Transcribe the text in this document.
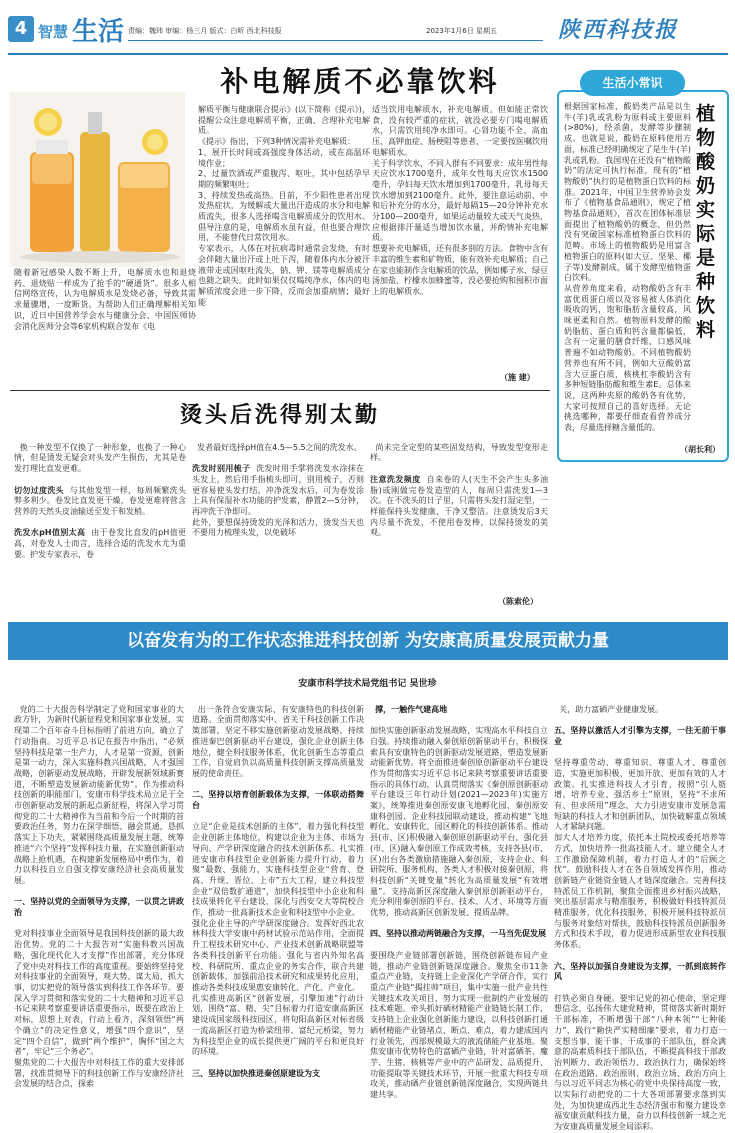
4 智慧 生活 责编：魏玮 审编：杨三月 版式：白昕 西北科技报	2023年1月6日 星期五	陕西科技报
补电解质不必靠饮料
随着新冠感染人数不断上升，电解质水也和退烧药、退烧贴一样成为了抢手的“硬通货”。很多人相信网络宣传，认为电解质水是发烧必备，导致其需求量骤增，一度断货。为帮助人们正确理解相关知识，近日中国营养学会水与健康分会、中国医师协会消化医师分会等6家机构联合发布《电
解质平衡与健康联合提示》(以下简称《提示》)，提醒公众注意电解质平衡，正确、合理补充电解质。
《提示》指出，下列3种情况需补充电解质：
1、展开长时间或高强度身体活动，或在高温环境作业；
2、过量饮酒或严重腹泻、呕吐，其中包括孕早期的频繁呕吐；
3、持续发热或高热。目前，不少阳性患者出现发热症状，为缓解或大量出汗造成的水分和电解质流失，很多人选择喝含电解质成分的饮用水。倡导注意的是，电解质水虽有益，但也要合理饮用，不能替代日常饮用水。
专家表示，人体在对抗病毒时通常会发烧，有时会伴随大量出汗或上吐下泻，随着体内水分被汗液带走或因呕吐流失，钠、钾、镁等电解质成分也随之缺失。此时如果仅仅喝纯净水，体内的电解质浓度会进一步下降，反而会加重病情；最好能
适当饮用电解质水，补充电解质。但如能正常饮食，没有较严重的症状，就没必要专门喝电解质水，只需饮用纯净水即可。心肾功能不全、高血压、高钾血症、肠梗阻等患者，一定要按医嘱饮用电解质水。
关于科学饮水，不同人群有不同要求：成年男性每天应饮水1700毫升，成年女性每天应饮水1500毫升，孕妇每天饮水增加到1700毫升，乳母每天饮水增加到2100毫升。此外，要注意运动前、中和后补充分的水分，最好每隔15—20分钟补充水分100—200毫升，如果运动量较大或天气炎热，应根据排汗量适当增加饮水量，并酌情补充电解质。
想要补充电解质，还有很多别的方法。食物中含有丰富的维生素和矿物质，能有效补充电解质；自己在家也能制作含电解质的饮品，例如椰子水、绿豆汤加盐、柠檬水加蜂蜜等，没必要抢购和囤积市面上的电解质水。
（施 建）
生活小常识
植物酸奶实际是种饮料
根据国家标准，酸奶类产品是以生牛(羊)乳或乳粉为原料或主要原料(>80%)，经杀菌，发酵等步骤制成。也就是说，酸奶在原料使用方面，标准已经明确规定了是生牛(羊)乳或乳粉。我国现在还没有“植物酸奶”的法定可执行标准，现有的“植物酸奶”执行的是植物蛋白饮料的标准。2021年，中国卫生营养协会发布了《植物基食品通则》，规定了植物基食品通则》，首次在团体标准层面提出了植物酸奶的概念，但仍然没有突破国家标准植物蛋白饮料的范畴。市场上的植物酸奶是用富含植物蛋白的原料(如大豆、坚果、椰子等)发酵制成，属于发酵型植物蛋白饮料。
从营养角度来看，动物酸奶含有丰富优质蛋白质以及容易被人体消化吸收的钙，饱和脂肪含量较高，风味更柔和自然。植物原料发酵的酸奶脂肪、蛋白质和钙含量都偏低，含有一定量的膳食纤维，口感风味普遍不如动物酸奶。不同植物酸奶营养也有所不同，例如大豆酸奶富含大豆蛋白质，核桃杠李酸奶含有多种短链脂肪酸和维生素E。总体来说，这两种夹原的酸奶各有优势，大家可按照自己的喜好选择。无论挑选哪种，都要仔细查看营养成分表，尽量选择糖含量低的。
（胡长利）
烫头后洗得别太勤

换一种发型不仅换了一种形象，也换了一种心情，但是烫发无疑会对头发产生损伤，尤其是卷发打理比直发更难。

切勿过度洗头 与其他发型一样，每周频繁洗头弊多利少。卷发比直发更干燥，卷发更难将营含营养的天然头皮油输送至发干和发梢。

洗发水pH值别太高 由于卷发比直发的pH值更高，对卷发人士而言，选择合适的洗发水尤为重要。护发专家表示，卷

发者最好选择pH值在4.5—5.5之间的洗发水。

洗发时别用梳子 洗发时用手掌将洗发水涂抹在头发上，然后用手指梳头即可，别用梳子，否则更容易使头发打结。冲净洗发水后，可为卷发涂上具有保湿补水功能的护发素，静置2—5分钟，再冲洗干净即可。
此外，要想保持烫发的光泽和活力，烫发当天也不要用力梳理头发，以免破坏

尚未完全定型的某些固发结构，导致发型变形走样。

注意洗发频度 自来卷的人(天生不会产生头多油脂)或刚做完卷发造型的人，每周只需洗发1—3次。在不洗头的日子里，只需将头发打湿定型，一样能保持头发健康、干净又整洁。注意烫发后3天内尽量不洗发，不使用卷发棒，以保持烫发的美观。

（陈索伦）
以奋发有为的工作状态推进科技创新 为安康高质量发展贡献力量
安康市科学技术局党组书记 吴世珍

党的二十大报告科学制定了党和国家事业的大政方针，为新时代新征程党和国家事业发展，实现第二个百年奋斗目标指明了前进方向，确立了行动指南。习近平总书记在报告中指出，“必须坚持科技是第一生产力，人才是第一资源，创新是第一动力，深入实施科教兴国战略，人才强国战略，创新驱动发展战略，开辟发展新领域新赛道，不断塑造发展新动能新优势”。作为推动科技创新的职能部门，安康市科学技术局立足于全市创新驱动发展的新起点新征程，将深入学习贯彻党的二十大精神作为当前和今后一个时期的首要政治任务，努力在深学细悟、融会贯通，恳抓落实上下功夫，紧紧围绕高质量发展主题，统筹推进“六个坚持”发挥科技力量，在实施创新驱动战略上抢机遇，在构建新发展格局中勇作为，着力以科技自立自强支撑安康经济社会高质量发展。

一、坚持以党的全面领导为支撑，一以贯之讲政治

党对科技事业全面领导是我国科技创新的最大政治优势。党的二十大报告对“实施科教兴国战略，强化现代化人才支撑”作出部署，充分体现了党中央对科技工作的高度重视。要始终坚持党对科技事业的全面领导，观大势、谋大局、抓大事，切实把党的领导落实到科技工作各环节。要深入学习贯彻和落实党的二十大精神和习近平总书记来陕考察重要讲话重要指示，既要在政治上对标，思想上对表，行动上看齐，深刻领悟“两个确立”的决定性意义，增强“四个意识”，坚定“四个自信”，做到“两个维护”，胸怀“国之大者”，牢记“三个务必”。
聚焦党的二十大报告中对科技工作的重大安排部署，找准贯彻导下的科技创新工作与安康经济社会发展的结合点，探索

出一条符合安康实际、有安康特色的科技创新道路。全面贯彻落实中、省关于科技创新工作决策部署，坚定不移实施创新驱动发展战略，持续推进秦巴创新驱动平台建设，强化企业创新主体地位，健全科技服务体系，优化创新生态等重点工作，自觉肩负以高质量科技创新支撑高质量发展的使命责任。

二、坚持以培育创新载体为支撑，一体联动搭舞台

立足“企业是技术创新的主体”，着力强化科技型企业创新主体地位，构建以企业为主体、市场为导向、产学研深度融合的技术创新体系。扎实推进安康市科技型企业创新能力提升行动，着力聚“最数、强能力，实施科技型企业“营育、登高、升规、晋位、上市”五大工程，建立科技型企业“双倍数扩通道”，加快科技型中小企业和科技成果转化平台建设，深化与西安交大等院校合作，推动一批高新技术企业和科技型中小企业。
强化企业主导的产学研深度融合。发挥好西北农林科技大学安康中药材试验示范站作用，全面提升工程技术研究中心、产业技术创新战略联盟等各类科技创新平台功能。强化与省内外知名高校、科研院所、重点企业的务实合作，联合共建创新载体，加强前沿技术研究和成果转化应用，推动各类科技成果惠安康转化、产化、产业化。
扎实推进高新区“创新发展，引擎加速”行动计划，围绕“富、精、尖”目标着力打造安康高新区建设成国家级科技园区，将旬阳高新区对标省级一流高新区打造为桥梁纽带、富纪元桥梁，努力为科技型企业的成长提供更广阔的平台和更良好的环境。

三、坚持以加快推进秦创原建设为支

撑，一触作气建高地

加快实施创新驱动发展战略，实现高水平科技自立自强。持续推动融入秦创原创新驱动平台，积极探索具有安康特色的创新驱动发展道路，塑造发展新动能新优势。将全面推进秦创原创新驱动平台建设作为贯彻落实习近平总书记来陕考察重要讲话重要指示的具体行动，认真贯彻落实《秦创原创新驱动平台建设三年行动计划(2021—2023年)实施方案》，统筹推进秦创原安康飞地孵化园、秦创原安康科创园、企业科技园联动建设，推动构建“飞地孵化、安康转化，园区孵化的科技创新体系。推动县(市、区)积极融入秦创原创新驱动平台，强化县(市、区)融入秦创原工作成效考核，支持各县(市、区)出台各类激励措施融入秦创原，支持企业、科研院所、服务机构、各类人才积极对接秦创原，将科技创新“关键变量”转化为高质量发展“有效增量”。支持高新区深度融入秦创原创新驱动平台，充分利用秦创原的平台、技术、人才、环境等方面优势，推动高新区创新发展、提质品牌。

四、坚持以推动两链融合为支撑，一马当先促发展

要围绕产业链部署创新链，围绕创新链布局产业链，推动产业链创新链深度融合。聚焦全市11条重点产业链，支持链上企业深化产学研合作，实行重点产业链“揭挂帅”项目，集中实施一批产业共性关键技术攻关项目，努力实现一批制约产业发展的技术难题。牵头抓好硒材精能产业链链长制工作，支持链上企业强化创新能力建设，以科技创新打通硒材精能产业链堵点、断点、难点，着力建成国内行业领先，西部规模最大的液流储能产业基地。聚焦安康市优势特色的富硒产业链，针对富硒茶、魔芋、生猪、核桃等产业中的产品研发、品质提升、功能提取等关键技术环节，开展一批重大科技专项攻关，推动硒产业链创新链深度融合，实现两链共建共享。

关，助力富硒产业健康发展。

五、坚持以激活人才引擎为支撑，一往无前干事业

坚持尊重劳动、尊重知识、尊重人才、尊重创造，实施更加积极、更加开放、更加有效的人才政策。扎实推进科技人才引育，按照“引人筋增、培养专业、强活乡土”原则，坚持“不求所有、但求所用”理念，大力引进安康市发展急需短缺的科技人才和创新团队，加快破解重点领域人才紧缺问题。
加大人才培养力度，依托本土院校或委托培养等方式，加快培养一批高技能人才。建立健全人才工作激励保障机制，着力打造人才的“后顾之忧”。鼓励科技人才在各自领域发挥作用，推动创新链产业链资金链人才链深度融合。完善科技特派员工作机制，聚焦全面推进乡村振兴战略，突出基层需求与精准服务，积极做好科技特派员精准服务，优化科技服务，积极开展科技特派员与服务对象结对帮扶，鼓励科技特派员创新服务方式和技术手段，着力促进形成新型农业科技服务体系。

六、坚持以加强自身建设为支撑，一抓到底转作风

打铁必须自身硬。要牢记党的初心使命，坚定理想信念，弘扬伟大建党精神，贯彻落实新时期好干部标准，不断增强干部“八种本领”“七种能力”，践行“勤快严实精细廉”要求，着力打造一支想当事、能干事、干成事的干部队伍，群众满意的高素质科技干部队伍，不断提高科技干部政治判断力、政治领悟力、政治执行力，确保始终在政治道路、政治原则、政治立场、政治方向上与以习近平同志为核心的党中央保持高度一致，以实际行动把党的二十大各项部署要求落到实处，为加快建成西北生态经济强市和聚力建设幸福安康贡献科技力量，奋力以科技创新一域之光为安康高质量发展全局添彩。
